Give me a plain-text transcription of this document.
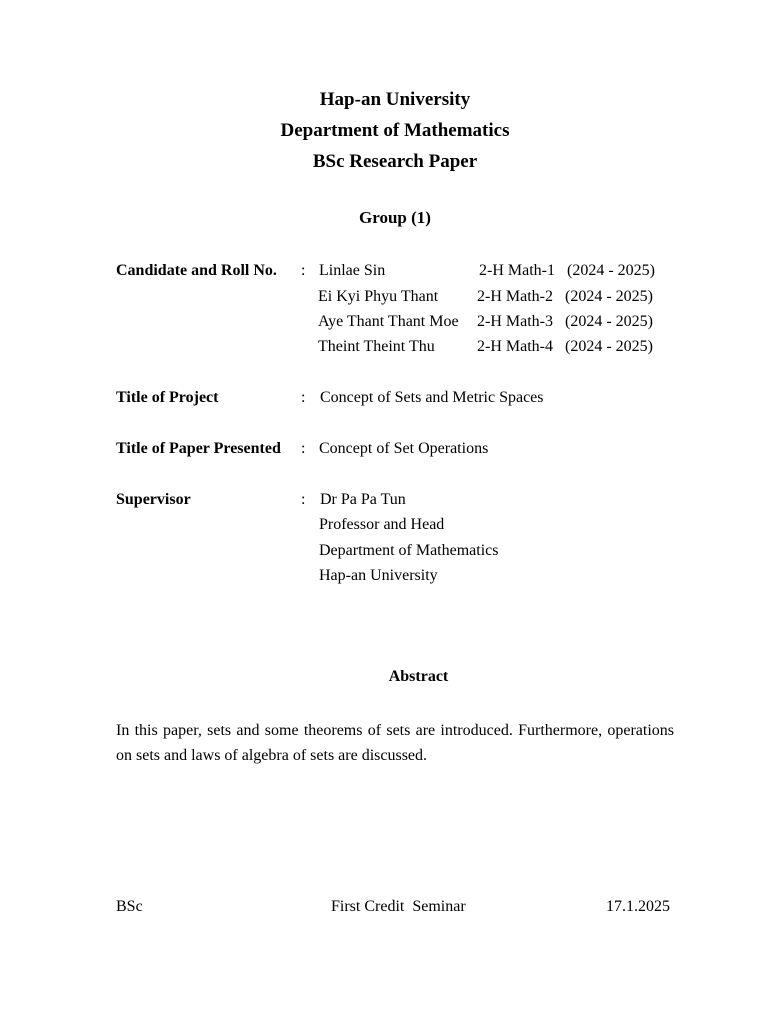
Hap-an University
Department of Mathematics
BSc Research Paper
Group (1)
Candidate and Roll No. : Linlae Sin	2-H Math-1 (2024 - 2025)
Ei Kyi Phyu Thant 2-H Math-2 (2024 - 2025)
Aye Thant Thant Moe 2-H Math-3 (2024 - 2025)
Theint Theint Thu	2-H Math-4 (2024 - 2025)
Title of Project	: Concept of Sets and Metric Spaces
Title of Paper Presented : Concept of Set Operations
Supervisor	: Dr Pa Pa Tun
Professor and Head
Department of Mathematics
Hap-an University
Abstract
In this paper, sets and some theorems of sets are introduced. Furthermore, operations on sets and laws of algebra of sets are discussed.
BSc	First Credit  Seminar	17.1.2025
